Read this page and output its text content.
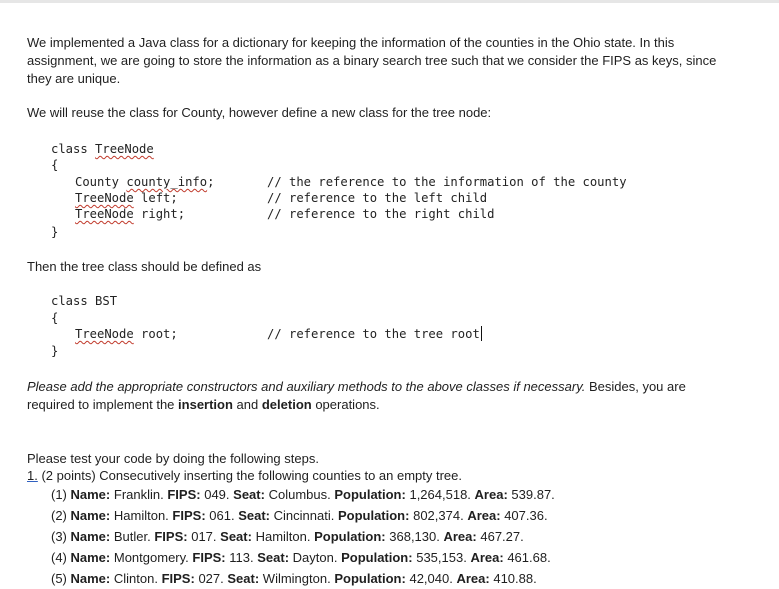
We implemented a Java class for a dictionary for keeping the information of the counties in the Ohio state. In this

assignment, we are going to store the information as a binary search tree such that we consider the FIPS as keys, since

they are unique.

We will reuse the class for County, however define a new class for the tree node:

class TreeNode
{
County county_info;	// the reference to the information of the county
TreeNode left;	// reference to the left child
TreeNode right;	// reference to the right child
}

Then the tree class should be defined as

class BST
{
TreeNode root;	// reference to the tree root
}

Please add the appropriate constructors and auxiliary methods to the above classes if necessary. Besides, you are

required to implement the insertion and deletion operations.

Please test your code by doing the following steps.

1. (2 points) Consecutively inserting the following counties to an empty tree.

(1) Name: Franklin. FIPS: 049. Seat: Columbus. Population: 1,264,518. Area: 539.87.
(2) Name: Hamilton. FIPS: 061. Seat: Cincinnati. Population: 802,374. Area: 407.36.
(3) Name: Butler. FIPS: 017. Seat: Hamilton. Population: 368,130. Area: 467.27.
(4) Name: Montgomery. FIPS: 113. Seat: Dayton. Population: 535,153. Area: 461.68.
(5) Name: Clinton. FIPS: 027. Seat: Wilmington. Population: 42,040. Area: 410.88.
